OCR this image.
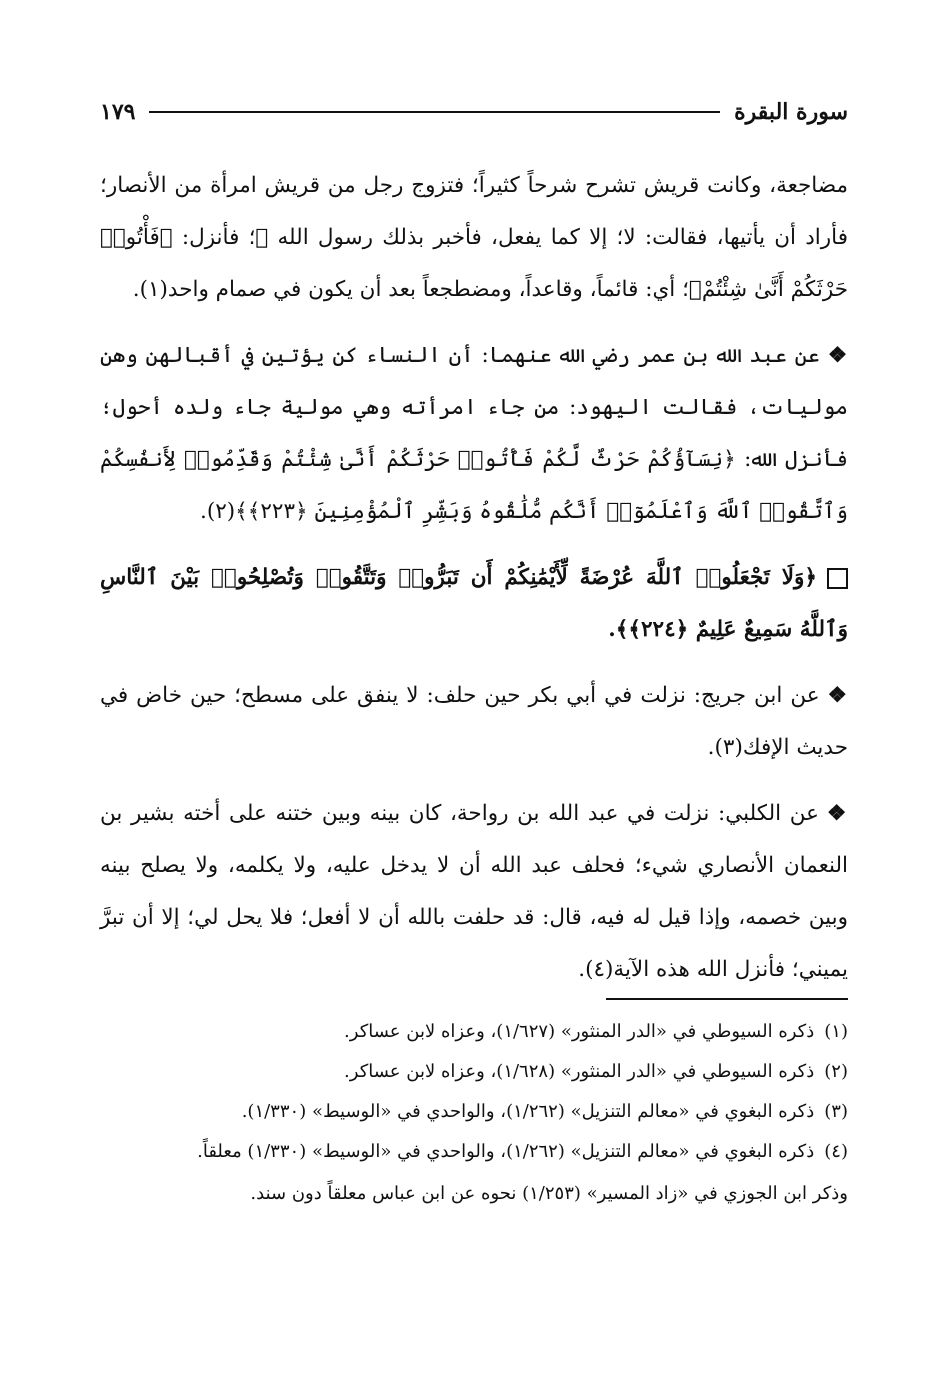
سورة البقرة
١٧٩

مضاجعة، وكانت قريش تشرح شرحاً كثيراً؛ فتزوج رجل من قريش امرأة من الأنصار؛ فأراد أن يأتيها، فقالت: لا؛ إلا كما يفعل، فأخبر بذلك رسول الله ﷺ؛ فأنزل: ﴿فَأْتُوا۟ حَرْثَكُمْ أَنَّىٰ شِئْتُمْ﴾؛ أي: قائماً، وقاعداً، ومضطجعاً بعد أن يكون في صمام واحد(١).

❖عن عبد الله بن عمر رضي الله عنهما: أن النساء كن يؤتين في أقبالهن وهن موليات، فقالت اليهود: من جاء امرأته وهي مولية جاء ولده أحول؛ فأنزل الله: ﴿نِسَآؤُكُمْ حَرْثٌ لَّكُمْ فَأْتُوا۟ حَرْثَكُمْ أَنَّىٰ شِئْتُمْ وَقَدِّمُوا۟ لِأَنفُسِكُمْ وَٱتَّقُوا۟ ٱللَّهَ وَٱعْلَمُوٓا۟ أَنَّكُم مُّلَٰقُوهُ وَبَشِّرِ ٱلْمُؤْمِنِينَ ﴿٢٢٣﴾﴾(٢).

﴿وَلَا تَجْعَلُوا۟ ٱللَّهَ عُرْضَةً لِّأَيْمَٰنِكُمْ أَن تَبَرُّوا۟ وَتَتَّقُوا۟ وَتُصْلِحُوا۟ بَيْنَ ٱلنَّاسِ وَٱللَّهُ سَمِيعٌ عَلِيمٌ ﴿٢٢٤﴾﴾.

❖عن ابن جريج: نزلت في أبي بكر حين حلف: لا ينفق على مسطح؛ حين خاض في حديث الإفك(٣).

❖عن الكلبي: نزلت في عبد الله بن رواحة، كان بينه وبين ختنه على أخته بشير بن النعمان الأنصاري شيء؛ فحلف عبد الله أن لا يدخل عليه، ولا يكلمه، ولا يصلح بينه وبين خصمه، وإذا قيل له فيه، قال: قد حلفت بالله أن لا أفعل؛ فلا يحل لي؛ إلا أن تبرَّ يميني؛ فأنزل الله هذه الآية(٤).

(١)
ذكره السيوطي في «الدر المنثور» (١/٦٢٧)، وعزاه لابن عساكر.
(٢)
ذكره السيوطي في «الدر المنثور» (١/٦٢٨)، وعزاه لابن عساكر.
(٣)
ذكره البغوي في «معالم التنزيل» (١/٢٦٢)، والواحدي في «الوسيط» (١/٣٣٠).
(٤)
ذكره البغوي في «معالم التنزيل» (١/٢٦٢)، والواحدي في «الوسيط» (١/٣٣٠) معلقاً.
وذكر ابن الجوزي في «زاد المسير» (١/٢٥٣) نحوه عن ابن عباس معلقاً دون سند.
